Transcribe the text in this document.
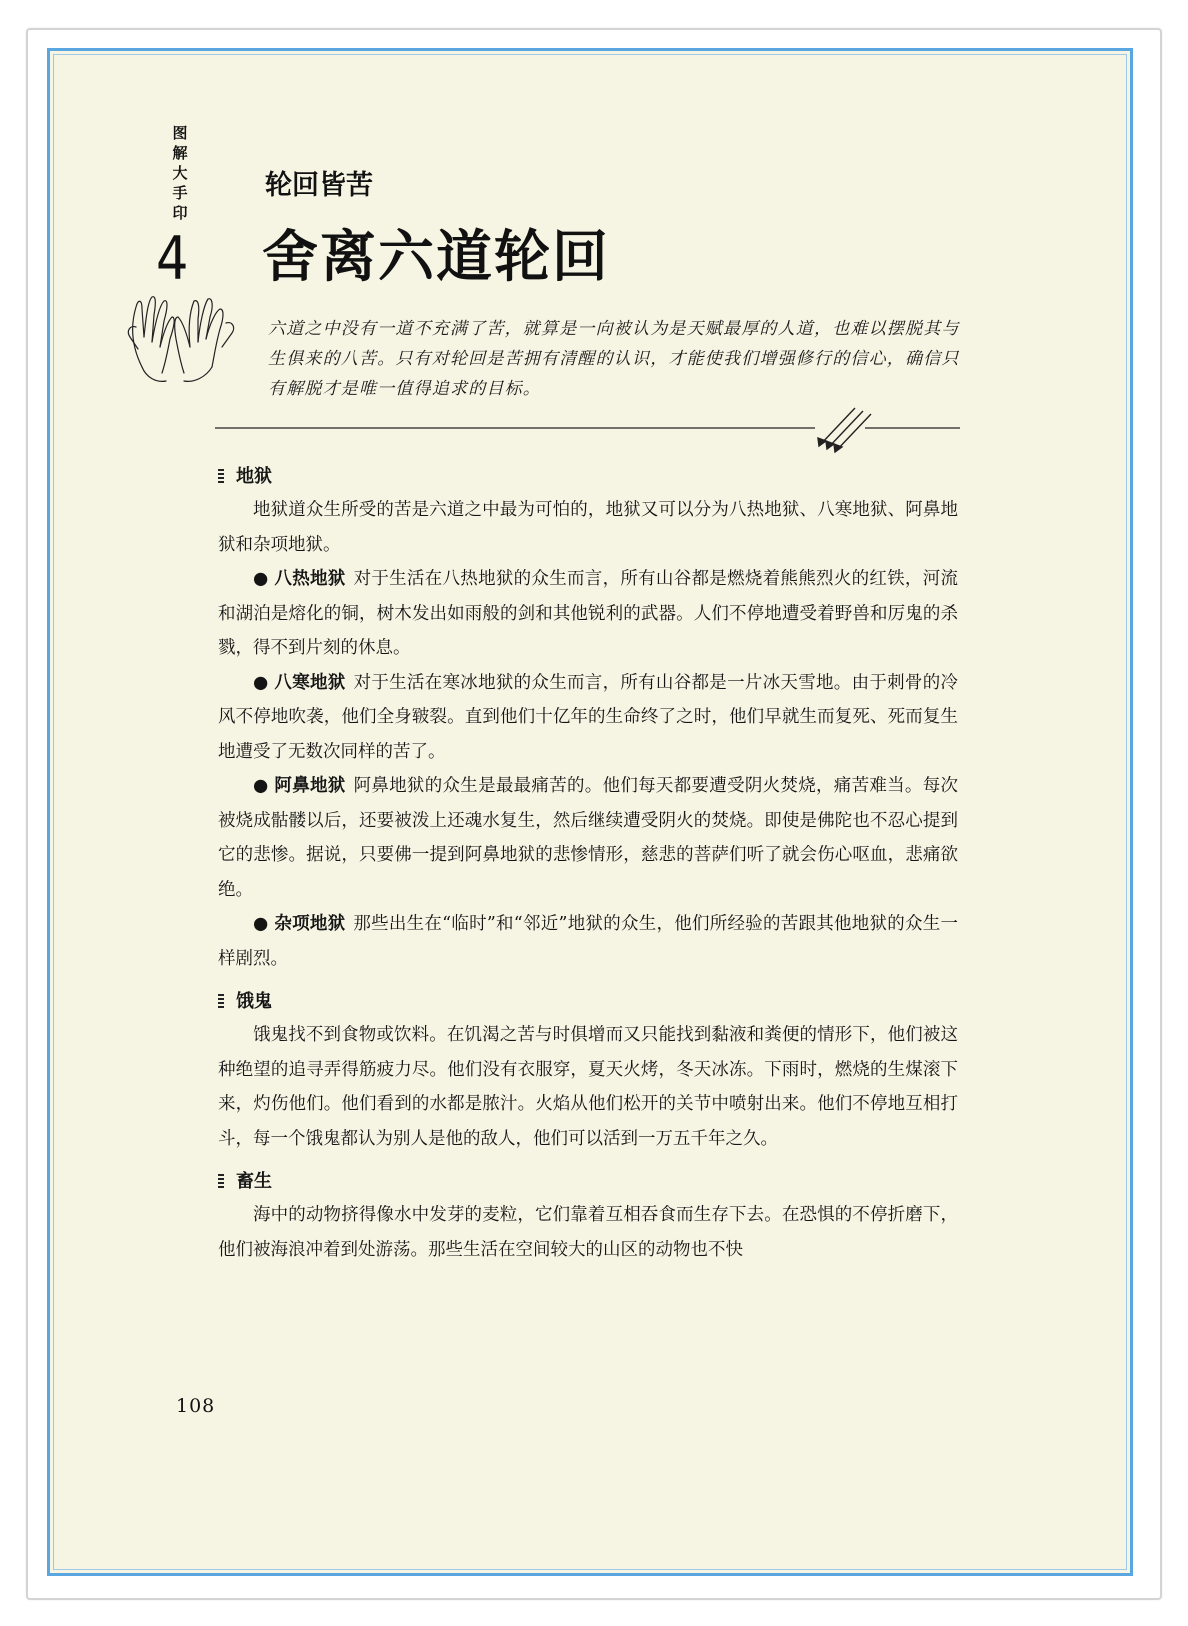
图解大手印
4
轮回皆苦
舍离六道轮回
六道之中没有一道不充满了苦，就算是一向被认为是天赋最厚的人道，也难以摆脱其与生俱来的八苦。只有对轮回是苦拥有清醒的认识，才能使我们增强修行的信心，确信只有解脱才是唯一值得追求的目标。
地狱

地狱道众生所受的苦是六道之中最为可怕的，地狱又可以分为八热地狱、八寒地狱、阿鼻地狱和杂项地狱。

● 八热地狱 对于生活在八热地狱的众生而言，所有山谷都是燃烧着熊熊烈火的红铁，河流和湖泊是熔化的铜，树木发出如雨般的剑和其他锐利的武器。人们不停地遭受着野兽和厉鬼的杀戮，得不到片刻的休息。

● 八寒地狱 对于生活在寒冰地狱的众生而言，所有山谷都是一片冰天雪地。由于刺骨的冷风不停地吹袭，他们全身皲裂。直到他们十亿年的生命终了之时，他们早就生而复死、死而复生地遭受了无数次同样的苦了。

● 阿鼻地狱 阿鼻地狱的众生是最最痛苦的。他们每天都要遭受阴火焚烧，痛苦难当。每次被烧成骷髅以后，还要被泼上还魂水复生，然后继续遭受阴火的焚烧。即使是佛陀也不忍心提到它的悲惨。据说，只要佛一提到阿鼻地狱的悲惨情形，慈悲的菩萨们听了就会伤心呕血，悲痛欲绝。

● 杂项地狱 那些出生在“临时”和“邻近”地狱的众生，他们所经验的苦跟其他地狱的众生一样剧烈。

饿鬼

饿鬼找不到食物或饮料。在饥渴之苦与时俱增而又只能找到黏液和粪便的情形下，他们被这种绝望的追寻弄得筋疲力尽。他们没有衣服穿，夏天火烤，冬天冰冻。下雨时，燃烧的生煤滚下来，灼伤他们。他们看到的水都是脓汁。火焰从他们松开的关节中喷射出来。他们不停地互相打斗，每一个饿鬼都认为别人是他的敌人，他们可以活到一万五千年之久。

畜生

海中的动物挤得像水中发芽的麦粒，它们靠着互相吞食而生存下去。在恐惧的不停折磨下，他们被海浪冲着到处游荡。那些生活在空间较大的山区的动物也不快

108
